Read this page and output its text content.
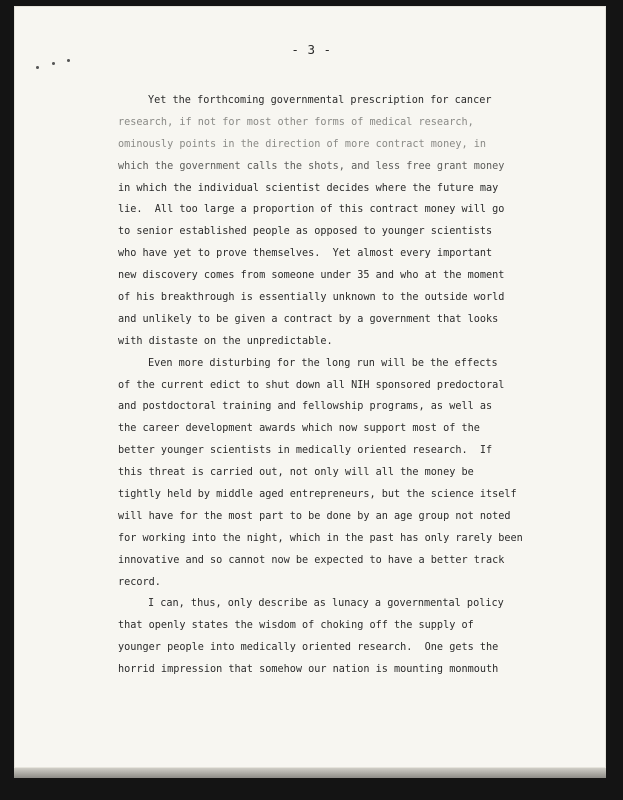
- 3 -
Yet the forthcoming governmental prescription for cancer
research, if not for most other forms of medical research,
ominously points in the direction of more contract money, in
which the government calls the shots, and less free grant money
in which the individual scientist decides where the future may
lie.  All too large a proportion of this contract money will go
to senior established people as opposed to younger scientists
who have yet to prove themselves.  Yet almost every important
new discovery comes from someone under 35 and who at the moment
of his breakthrough is essentially unknown to the outside world
and unlikely to be given a contract by a government that looks
with distaste on the unpredictable.
Even more disturbing for the long run will be the effects
of the current edict to shut down all NIH sponsored predoctoral
and postdoctoral training and fellowship programs, as well as
the career development awards which now support most of the
better younger scientists in medically oriented research.  If
this threat is carried out, not only will all the money be
tightly held by middle aged entrepreneurs, but the science itself
will have for the most part to be done by an age group not noted
for working into the night, which in the past has only rarely been
innovative and so cannot now be expected to have a better track
record.
I can, thus, only describe as lunacy a governmental policy
that openly states the wisdom of choking off the supply of
younger people into medically oriented research.  One gets the
horrid impression that somehow our nation is mounting monmouth
